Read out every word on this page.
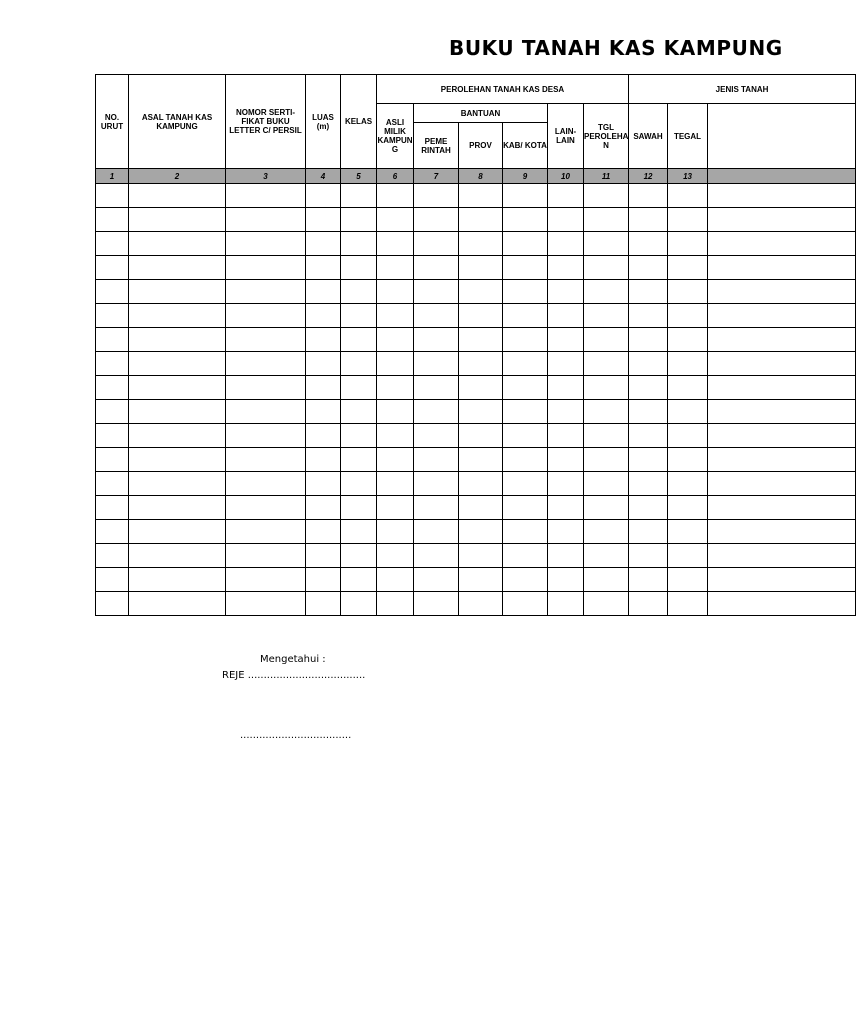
BUKU TANAH KAS KAMPUNG
NO. URUT	ASAL TANAH KAS KAMPUNG	NOMOR SERTI-FIKAT BUKU LETTER C/ PERSIL	LUAS (m)	KELAS	PEROLEHAN TANAH KAS DESA						JENIS TANAH		
					ASLI MILIK KAMPUN G	BANTUAN			LAIN- LAIN	TGL PEROLEHA N	SAWAH	TEGAL	
						PEME RINTAH	PROV	KAB/ KOTA					
1	2	3	4	5	6	7	8	9	10	11	12	13	

Mengetahui :
REJE .....................................
...................................
